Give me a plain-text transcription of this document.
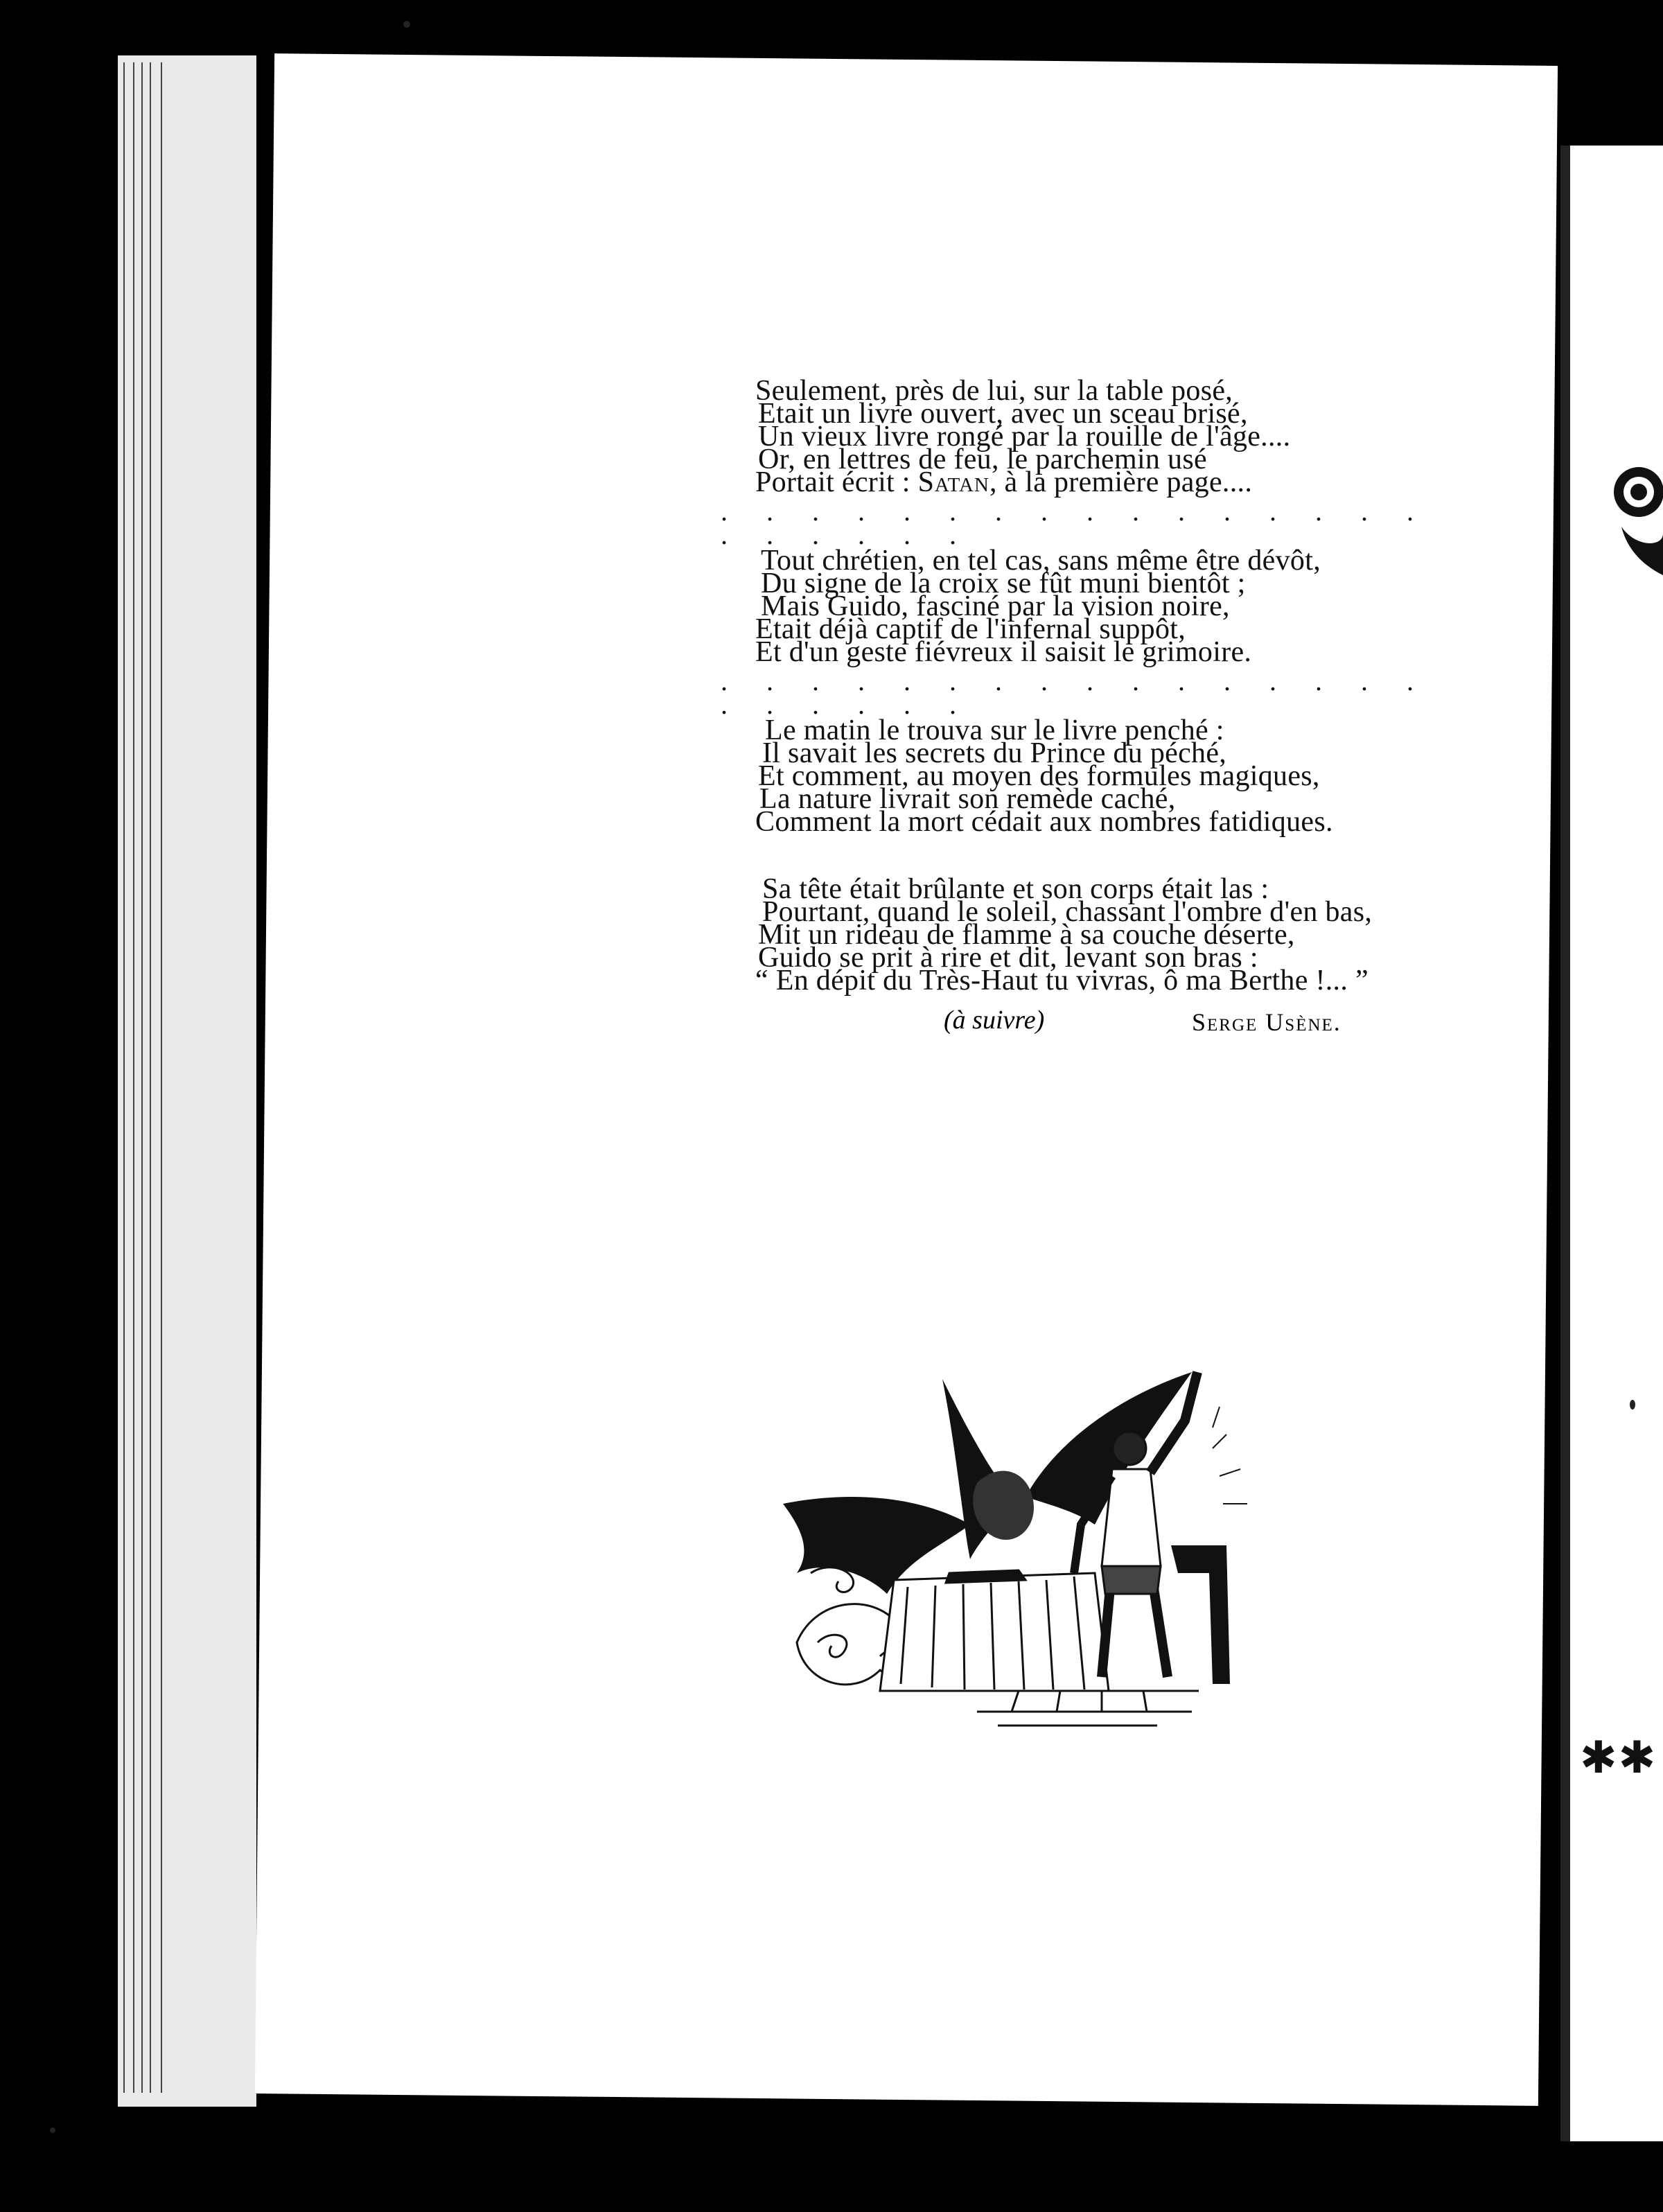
Seulement, près de lui, sur la table posé,
Etait un livre ouvert, avec un sceau brisé,
Un vieux livre rongé par la rouille de l'âge....
Or, en lettres de feu, le parchemin usé
Portait écrit : Satan, à la première page....
. . . . . . . . . . . . . . . . . . . . . .
Tout chrétien, en tel cas, sans même être dévôt,
Du signe de la croix se fût muni bientôt ;
Mais Guido, fasciné par la vision noire,
Etait déjà captif de l'infernal suppôt,
Et d'un geste fiévreux il saisit le grimoire.
. . . . . . . . . . . . . . . . . . . . . .
Le matin le trouva sur le livre penché :
Il savait les secrets du Prince du péché,
Et comment, au moyen des formules magiques,
La nature livrait son remède caché,
Comment la mort cédait aux nombres fatidiques.
Sa tête était brûlante et son corps était las :
Pourtant, quand le soleil, chassant l'ombre d'en bas,
Mit un rideau de flamme à sa couche déserte,
Guido se prit à rire et dit, levant son bras :
“ En dépit du Très-Haut tu vivras, ô ma Berthe !... ”
(à suivre)	Serge Usène.
✱✱
